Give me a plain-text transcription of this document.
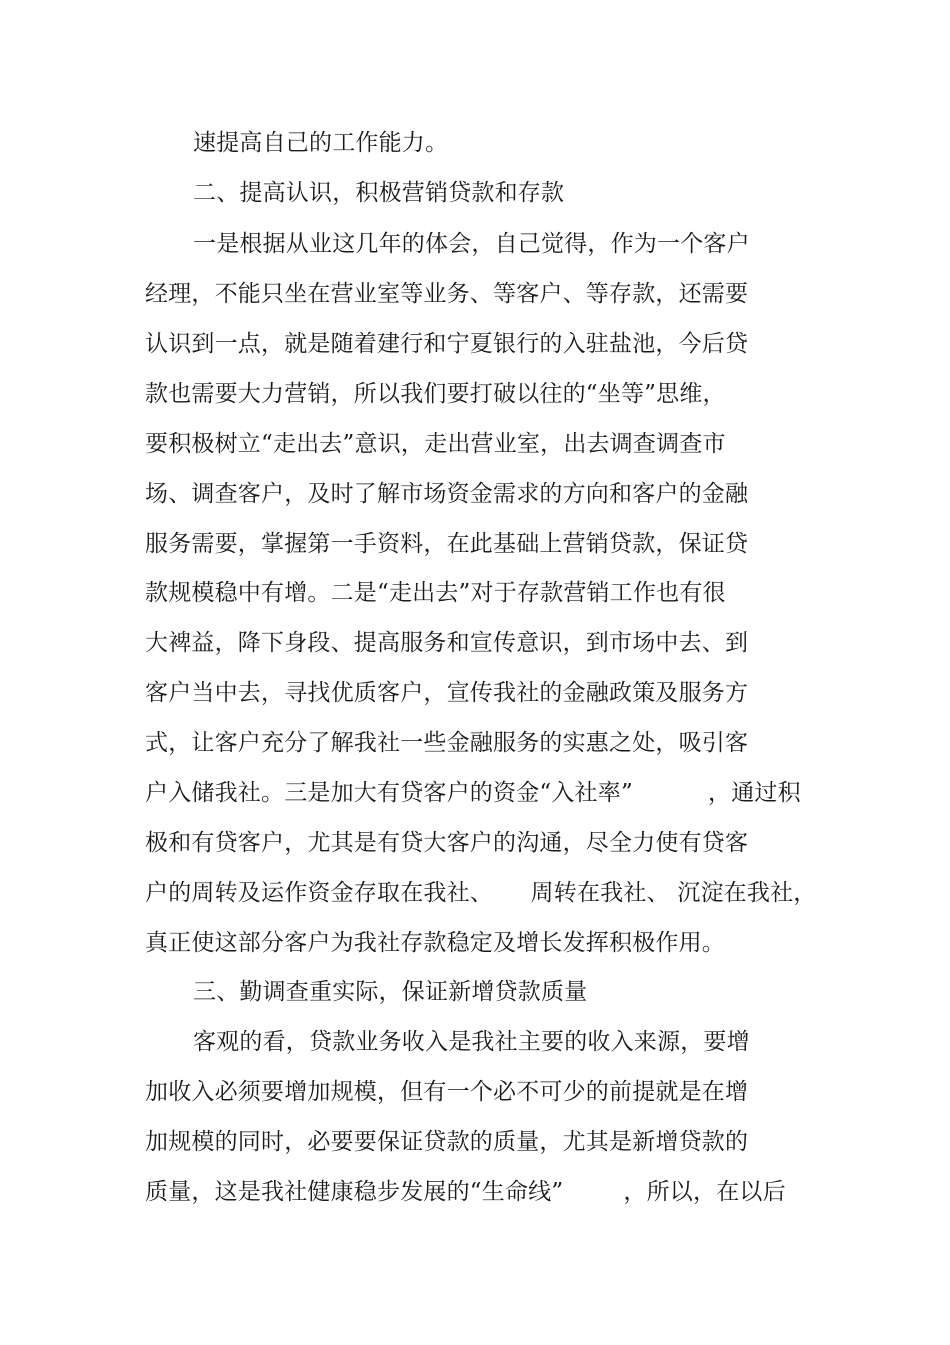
速提高自己的工作能力。
二、提高认识，积极营销贷款和存款
一是根据从业这几年的体会，自己觉得，作为一个客户
经理，不能只坐在营业室等业务、等客户、等存款，还需要
认识到一点，就是随着建行和宁夏银行的入驻盐池，今后贷
款也需要大力营销，所以我们要打破以往的“坐等”思维，
要积极树立“走出去”意识，走出营业室，出去调查调查市
场、调查客户，及时了解市场资金需求的方向和客户的金融
服务需要，掌握第一手资料，在此基础上营销贷款，保证贷
款规模稳中有增。二是“走出去”对于存款营销工作也有很
大裨益，降下身段、提高服务和宣传意识，到市场中去、到
客户当中去，寻找优质客户，宣传我社的金融政策及服务方
式，让客户充分了解我社一些金融服务的实惠之处，吸引客
户入储我社。三是加大有贷客户的资金“入社率”          ，通过积
极和有贷客户，尤其是有贷大客户的沟通，尽全力使有贷客
户的周转及运作资金存取在我社、     周转在我社、 沉淀在我社，
真正使这部分客户为我社存款稳定及增长发挥积极作用。
三、勤调查重实际，保证新增贷款质量
客观的看，贷款业务收入是我社主要的收入来源，要增
加收入必须要增加规模，但有一个必不可少的前提就是在增
加规模的同时，必要要保证贷款的质量，尤其是新增贷款的
质量，这是我社健康稳步发展的“生命线”        ，所以，在以后
